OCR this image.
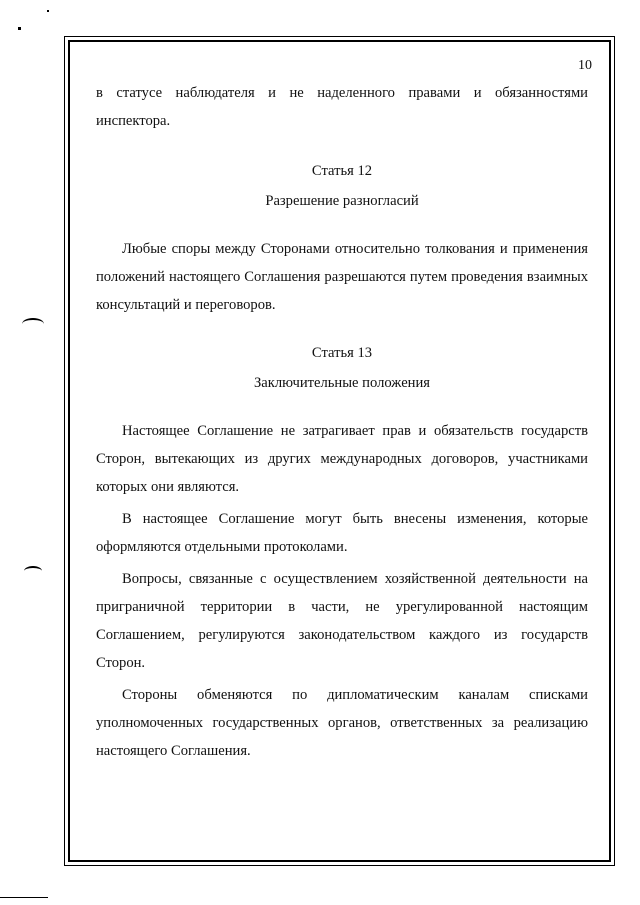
10

в статусе наблюдателя и не наделенного правами и обязанностями

инспектора.

Статья 12

Разрешение разногласий

Любые споры между Сторонами относительно толкования и применения положений настоящего Соглашения разрешаются путем проведения взаимных консультаций и переговоров.

Статья 13

Заключительные положения

Настоящее Соглашение не затрагивает прав и обязательств государств Сторон, вытекающих из других международных договоров, участниками которых они являются.

В настоящее Соглашение могут быть внесены изменения, которые оформляются отдельными протоколами.

Вопросы, связанные с осуществлением хозяйственной деятельности на приграничной территории в части, не урегулированной настоящим Соглашением, регулируются законодательством каждого из государств Сторон.

Стороны обменяются по дипломатическим каналам списками уполномоченных государственных органов, ответственных за реализацию настоящего Соглашения.
